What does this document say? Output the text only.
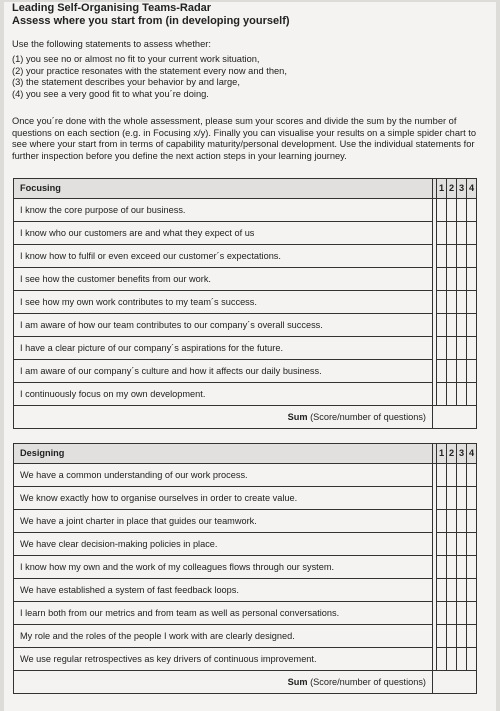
Leading Self-Organising Teams-Radar

Assess where you start from (in developing yourself)

Use the following statements to assess whether:

(1) you see no or almost no fit to your current work situation,
(2) your practice resonates with the statement every now and then,
(3) the statement describes your behavior by and large,
(4) you see a very good fit to what you´re doing.

Once you´re done with the whole assessment, please sum your scores and divide the sum by the number of questions on each section (e.g. in Focusing x/y). Finally you can visualise your results on a simple spider chart to see where your start from in terms of capability maturity/personal development. Use the individual statements for further inspection before you define the next action steps in your learning journey.

Focusing		1	2	3	4
I know the core purpose of our business.					
I know who our customers are and what they expect of us					
I know how to fulfil or even exceed our customer´s expectations.					
I see how the customer benefits from our work.					
I see how my own work contributes to my team´s success.					
I am aware of how our team contributes to our company´s overall success.					
I have a clear picture of our company´s aspirations for the future.					
I am aware of our company´s culture and how it affects our daily business.					
I continuously focus on my own development.					
Sum (Score/number of questions)					
Designing		1	2	3	4
We have a common understanding of our work process.					
We know exactly how to organise ourselves in order to create value.					
We have a joint charter in place that guides our teamwork.					
We have clear decision-making policies in place.					
I know how my own and the work of my colleagues flows through our system.					
We have established a system of fast feedback loops.					
I learn both from our metrics and from team as well as personal conversations.					
My role and the roles of the people I work with are clearly designed.					
We use regular retrospectives as key drivers of continuous improvement.					
Sum (Score/number of questions)					
